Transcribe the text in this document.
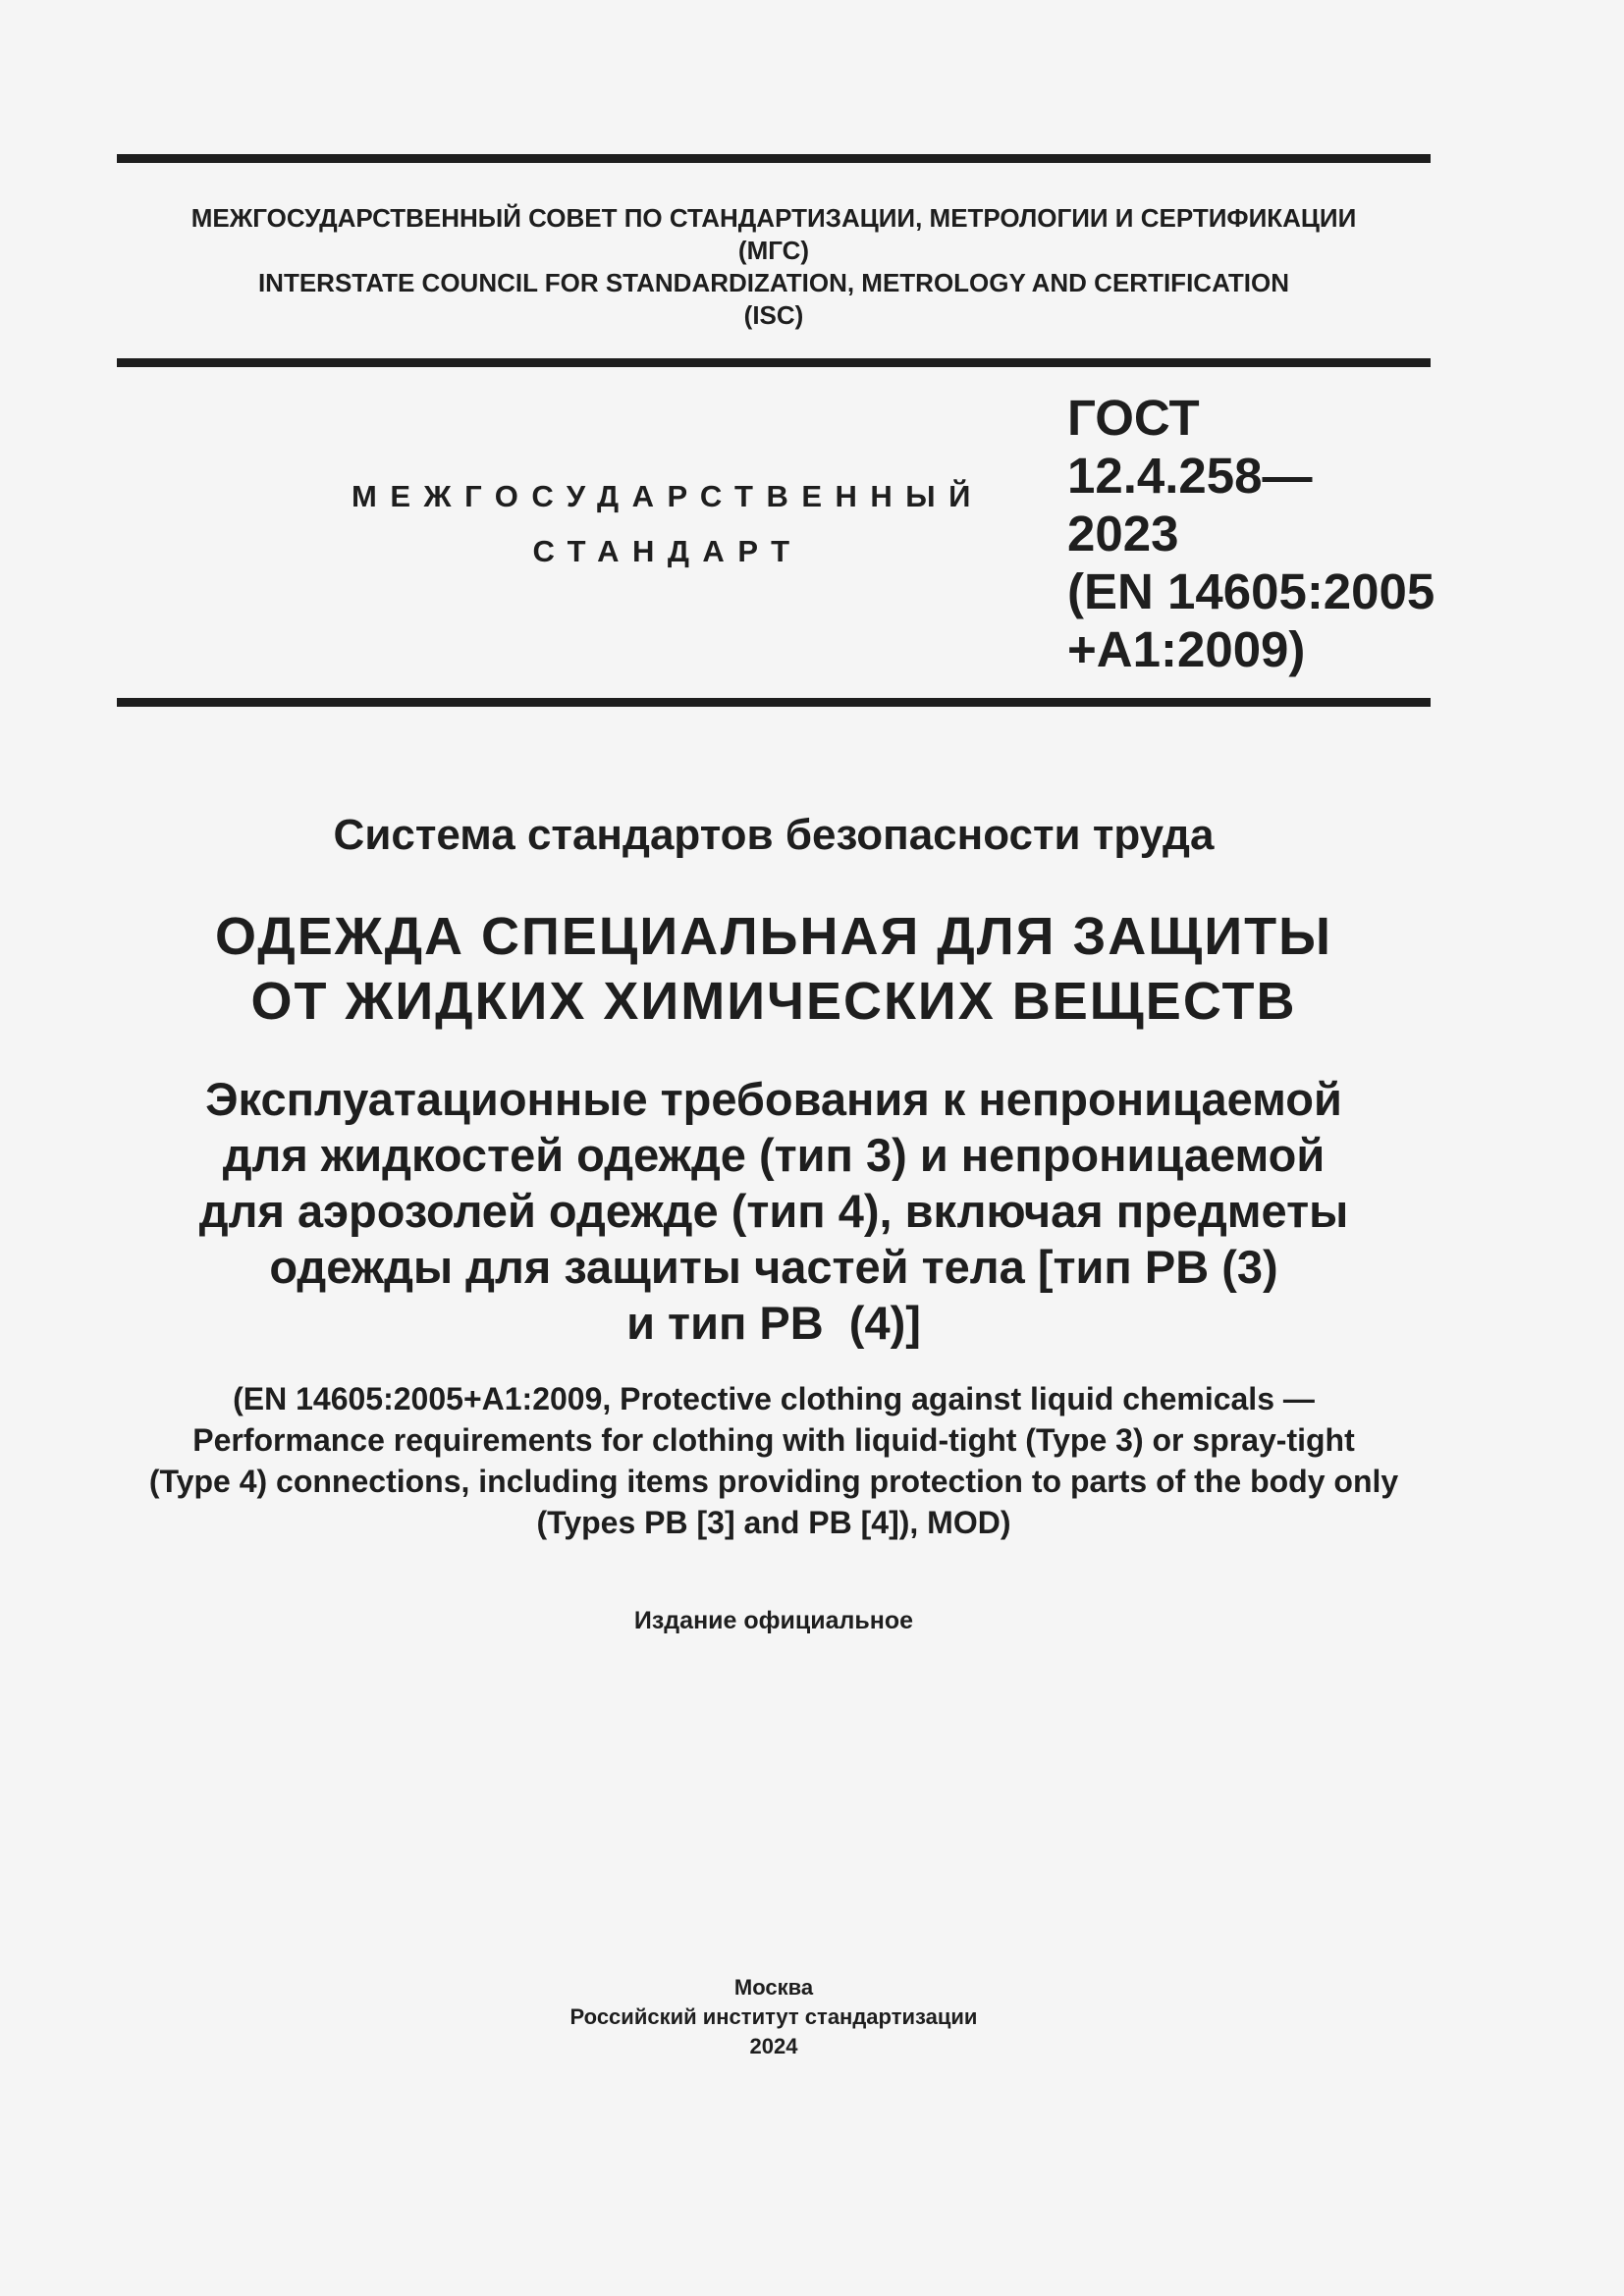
МЕЖГОСУДАРСТВЕННЫЙ СОВЕТ ПО СТАНДАРТИЗАЦИИ, МЕТРОЛОГИИ И СЕРТИФИКАЦИИ
(МГС)
INTERSTATE COUNCIL FOR STANDARDIZATION, METROLOGY AND CERTIFICATION
(ISC)
МЕЖГОСУДАРСТВЕННЫЙ
СТАНДАРТ
ГОСТ
12.4.258—
2023
(EN 14605:2005
+A1:2009)
Система стандартов безопасности труда
ОДЕЖДА СПЕЦИАЛЬНАЯ ДЛЯ ЗАЩИТЫ
ОТ ЖИДКИХ ХИМИЧЕСКИХ ВЕЩЕСТВ
Эксплуатационные требования к непроницаемой
для жидкостей одежде (тип 3) и непроницаемой
для аэрозолей одежде (тип 4), включая предметы
одежды для защиты частей тела [тип PB (3)
и тип PB  (4)]
(EN 14605:2005+A1:2009, Protective clothing against liquid chemicals —
Performance requirements for clothing with liquid-tight (Type 3) or spray-tight
(Type 4) connections, including items providing protection to parts of the body only
(Types PB [3] and PB [4]), MOD)
Издание официальное
Москва
Российский институт стандартизации
2024
